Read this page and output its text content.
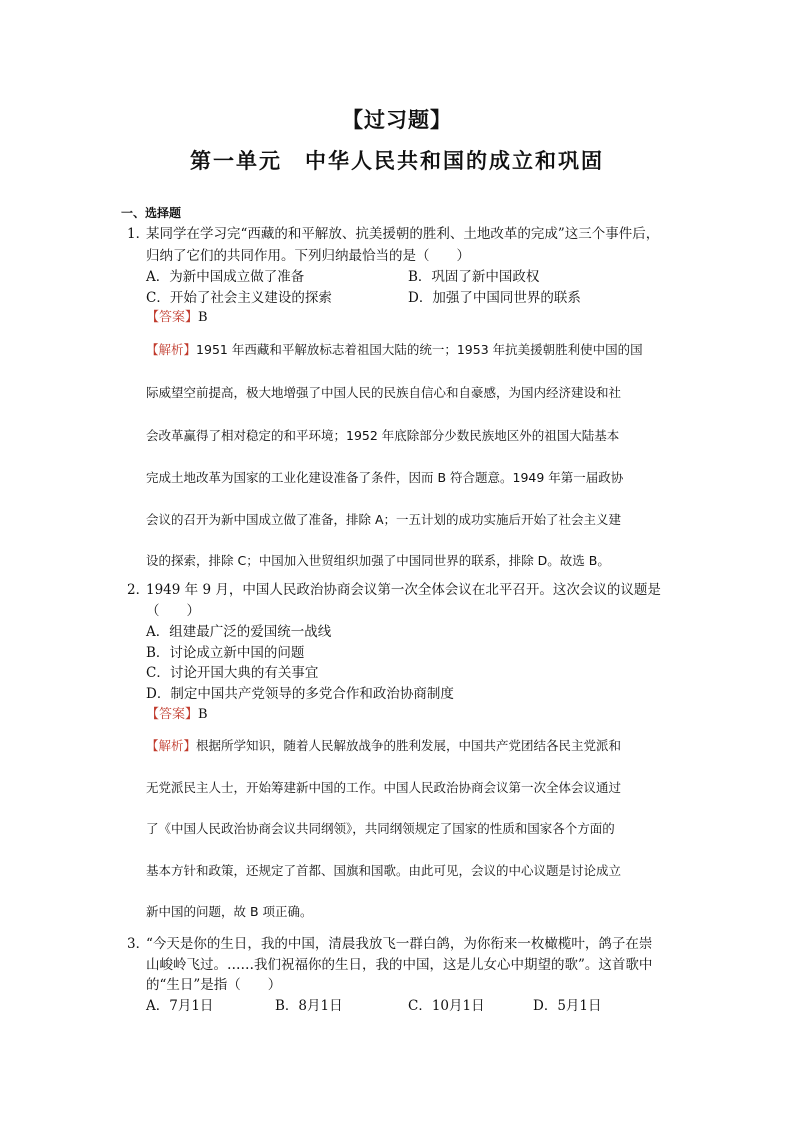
【过习题】
第一单元　中华人民共和国的成立和巩固
一、选择题
1．
某同学在学习完“西藏的和平解放、抗美援朝的胜利、土地改革的完成”这三个事件后，
归纳了它们的共同作用。下列归纳最恰当的是（　　）
A．为新中国成立做了准备	B．巩固了新中国政权
C．开始了社会主义建设的探索	D．加强了中国同世界的联系
【答案】B
【解析】1951 年西藏和平解放标志着祖国大陆的统一；1953 年抗美援朝胜利使中国的国
际威望空前提高，极大地增强了中国人民的民族自信心和自豪感，为国内经济建设和社
会改革赢得了相对稳定的和平环境；1952 年底除部分少数民族地区外的祖国大陆基本
完成土地改革为国家的工业化建设准备了条件，因而 B 符合题意。1949 年第一届政协
会议的召开为新中国成立做了准备，排除 A；一五计划的成功实施后开始了社会主义建
设的探索，排除 C；中国加入世贸组织加强了中国同世界的联系，排除 D。故选 B。
2．
1949 年 9 月，中国人民政治协商会议第一次全体会议在北平召开。这次会议的议题是
（　　）
A．组建最广泛的爱国统一战线
B．讨论成立新中国的问题
C．讨论开国大典的有关事宜
D．制定中国共产党领导的多党合作和政治协商制度
【答案】B
【解析】根据所学知识，随着人民解放战争的胜利发展，中国共产党团结各民主党派和
无党派民主人士，开始筹建新中国的工作。中国人民政治协商会议第一次全体会议通过
了《中国人民政治协商会议共同纲领》，共同纲领规定了国家的性质和国家各个方面的
基本方针和政策，还规定了首都、国旗和国歌。由此可见，会议的中心议题是讨论成立
新中国的问题，故 B 项正确。
3．
“今天是你的生日，我的中国，清晨我放飞一群白鸽，为你衔来一枚橄榄叶，鸽子在崇
山峻岭飞过。……我们祝福你的生日，我的中国，这是儿女心中期望的歌”。这首歌中
的“生日”是指（　　）
A．7月1日	B．8月1日	C．10月1日	D．5月1日
